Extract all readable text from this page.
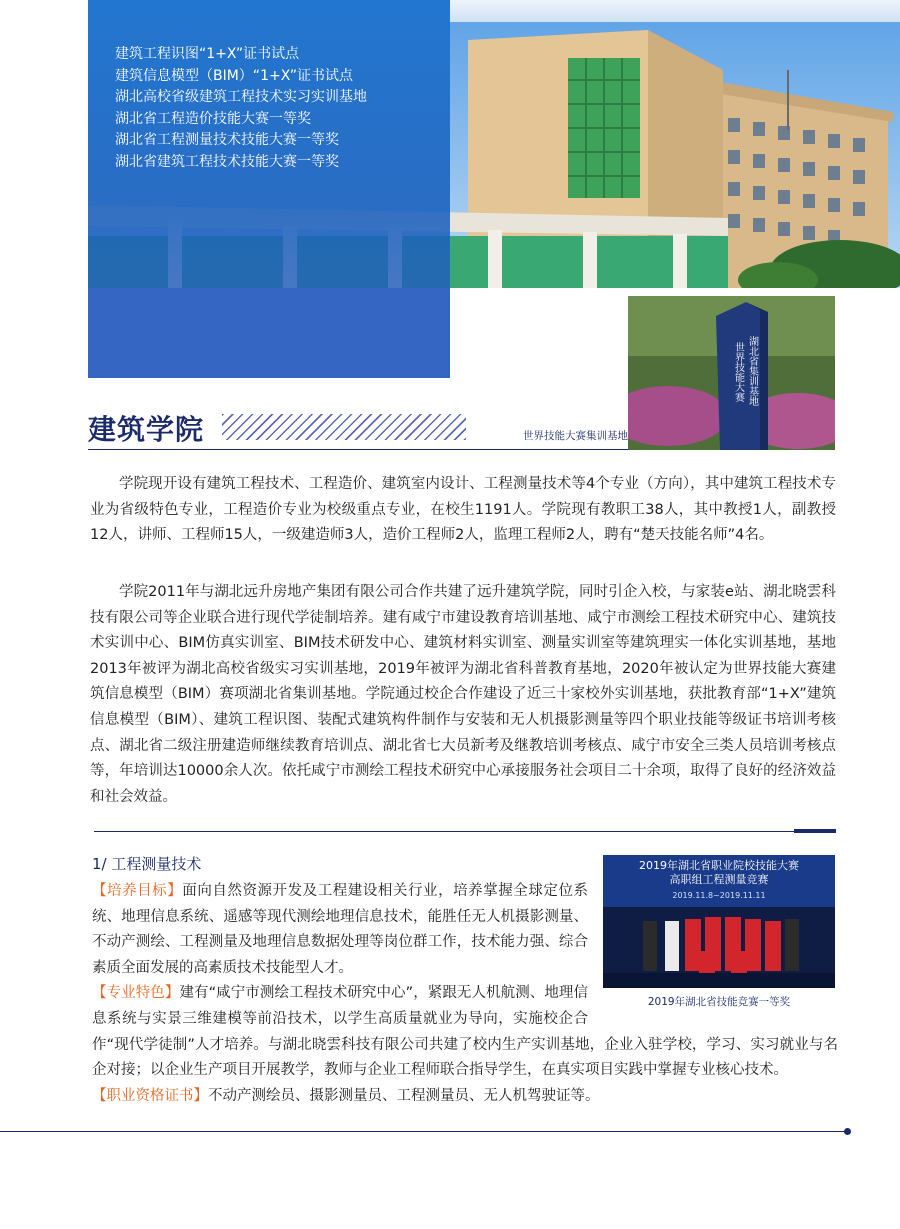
建筑工程识图“1+X”证书试点
建筑信息模型（BIM）“1+X”证书试点
湖北高校省级建筑工程技术实习实训基地
湖北省工程造价技能大赛一等奖
湖北省工程测量技术技能大赛一等奖
湖北省建筑工程技术技能大赛一等奖
建筑学院
湖北省集训基地
世界技能大赛
世界技能大赛集训基地

学院现开设有建筑工程技术、工程造价、建筑室内设计、工程测量技术等4个专业（方向），其中建筑工程技术专业为省级特色专业，工程造价专业为校级重点专业，在校生1191人。学院现有教职工38人，其中教授1人，副教授12人，讲师、工程师15人，一级建造师3人，造价工程师2人，监理工程师2人，聘有“楚天技能名师”4名。

学院2011年与湖北远升房地产集团有限公司合作共建了远升建筑学院，同时引企入校，与家装e站、湖北晓雲科技有限公司等企业联合进行现代学徒制培养。建有咸宁市建设教育培训基地、咸宁市测绘工程技术研究中心、建筑技术实训中心、BIM仿真实训室、BIM技术研发中心、建筑材料实训室、测量实训室等建筑理实一体化实训基地，基地2013年被评为湖北高校省级实习实训基地，2019年被评为湖北省科普教育基地，2020年被认定为世界技能大赛建筑信息模型（BIM）赛项湖北省集训基地。学院通过校企合作建设了近三十家校外实训基地，获批教育部“1+X”建筑信息模型（BIM）、建筑工程识图、装配式建筑构件制作与安装和无人机摄影测量等四个职业技能等级证书培训考核点、湖北省二级注册建造师继续教育培训点、湖北省七大员新考及继教培训考核点、咸宁市安全三类人员培训考核点等，年培训达10000余人次。依托咸宁市测绘工程技术研究中心承接服务社会项目二十余项，取得了良好的经济效益和社会效益。

1/ 工程测量技术	2019年湖北省职业院校技能大赛
高职组工程测量竞赛
2019.11.8~2019.11.11
2019年湖北省技能竞赛一等奖
【培养目标】面向自然资源开发及工程建设相关行业，培养掌握全球定位系统、地理信息系统、遥感等现代测绘地理信息技术，能胜任无人机摄影测量、不动产测绘、工程测量及地理信息数据处理等岗位群工作，技术能力强、综合素质全面发展的高素质技术技能型人才。
【专业特色】建有“咸宁市测绘工程技术研究中心”，紧跟无人机航测、地理信息系统与实景三维建模等前沿技术，以学生高质量就业为导向，实施校企合作“现代学徒制”人才培养。与湖北晓雲科技有限公司共建了校内生产实训基地，企业入驻学校，学习、实习就业与名企对接；以企业生产项目开展教学，教师与企业工程师联合指导学生，在真实项目实践中掌握专业核心技术。
【职业资格证书】不动产测绘员、摄影测量员、工程测量员、无人机驾驶证等。
